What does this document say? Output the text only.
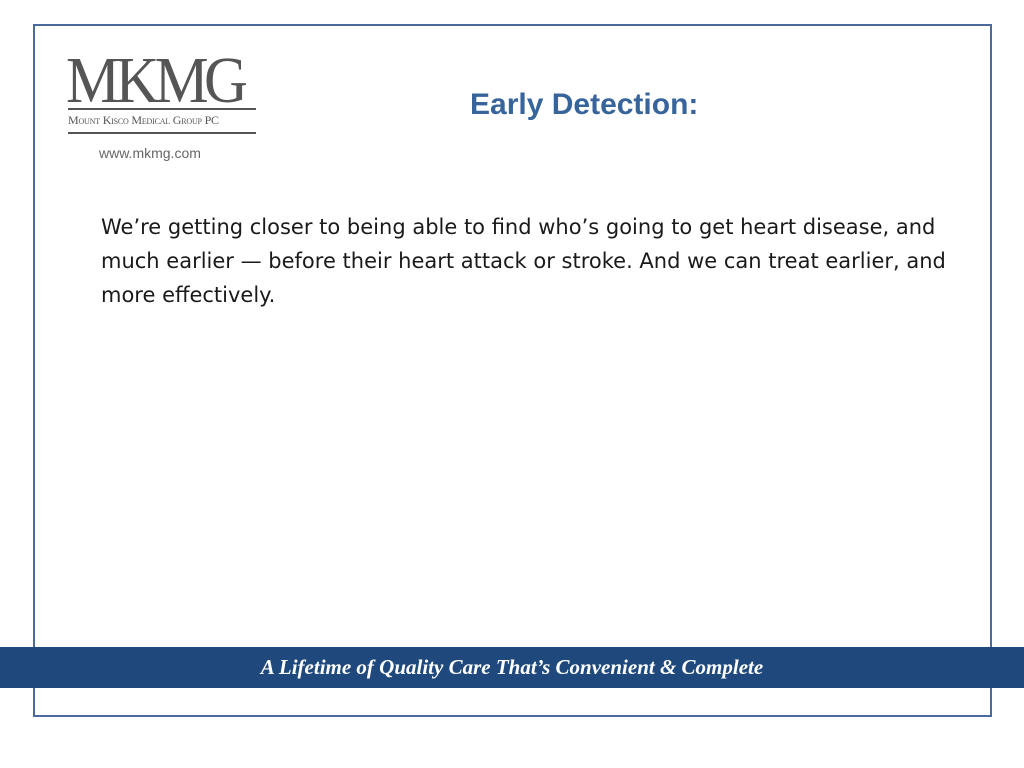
MKMG
Mount Kisco Medical Group PC
www.mkmg.com
Early Detection:
We’re getting closer to being able to find who’s going to get heart disease, and much earlier — before their heart attack or stroke. And we can treat earlier, and more effectively.
A Lifetime of Quality Care That’s Convenient & Complete
